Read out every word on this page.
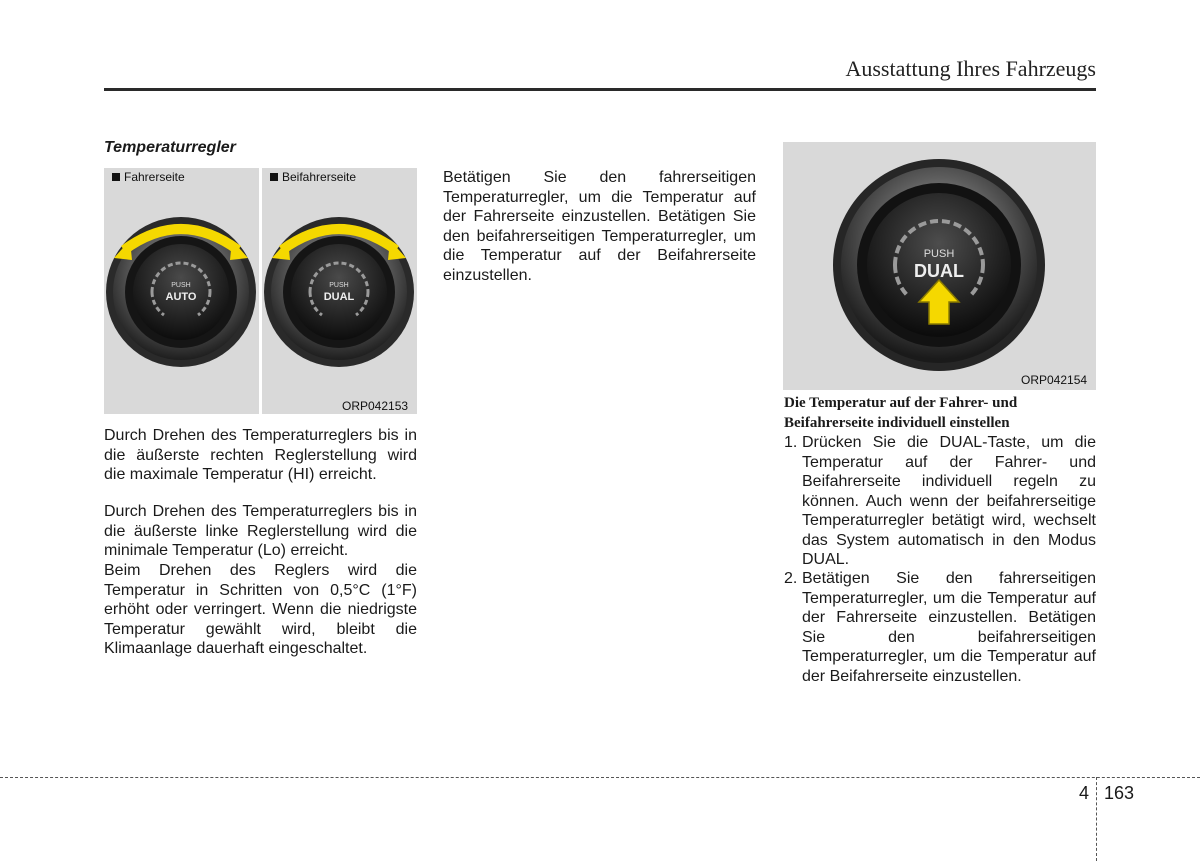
Ausstattung Ihres Fahrzeugs
Temperaturregler
Fahrerseite
PUSH
AUTO
Beifahrerseite
PUSH
DUAL
ORP042153
Durch Drehen des Temperaturreglers bis in die äußerste rechten Reglerstellung wird die maximale Temperatur (HI) erreicht.
Durch Drehen des Temperaturreglers bis in die äußerste linke Reglerstellung wird die minimale Temperatur (Lo) erreicht.
Beim Drehen des Reglers wird die Temperatur in Schritten von 0,5°C (1°F) erhöht oder verringert. Wenn die niedrigste Temperatur gewählt wird, bleibt die Klimaanlage dauerhaft eingeschaltet.
Betätigen Sie den fahrerseitigen Temperaturregler, um die Temperatur auf der Fahrerseite einzustellen. Betätigen Sie den beifahrerseitigen Temperaturregler, um die Temperatur auf der Beifahrerseite einzustellen.
PUSH
DUAL
ORP042154
Die Temperatur auf der Fahrer- und Beifahrerseite individuell einstellen
1. Drücken Sie die DUAL-Taste, um die Temperatur auf der Fahrer- und Beifahrerseite individuell regeln zu können. Auch wenn der beifahrerseitige Temperaturregler betätigt wird, wechselt das System automatisch in den Modus DUAL.
2. Betätigen Sie den fahrerseitigen Temperaturregler, um die Temperatur auf der Fahrerseite einzustellen. Betätigen Sie den beifahrerseitigen Temperaturregler, um die Temperatur auf der Beifahrerseite einzustellen.
4 163
